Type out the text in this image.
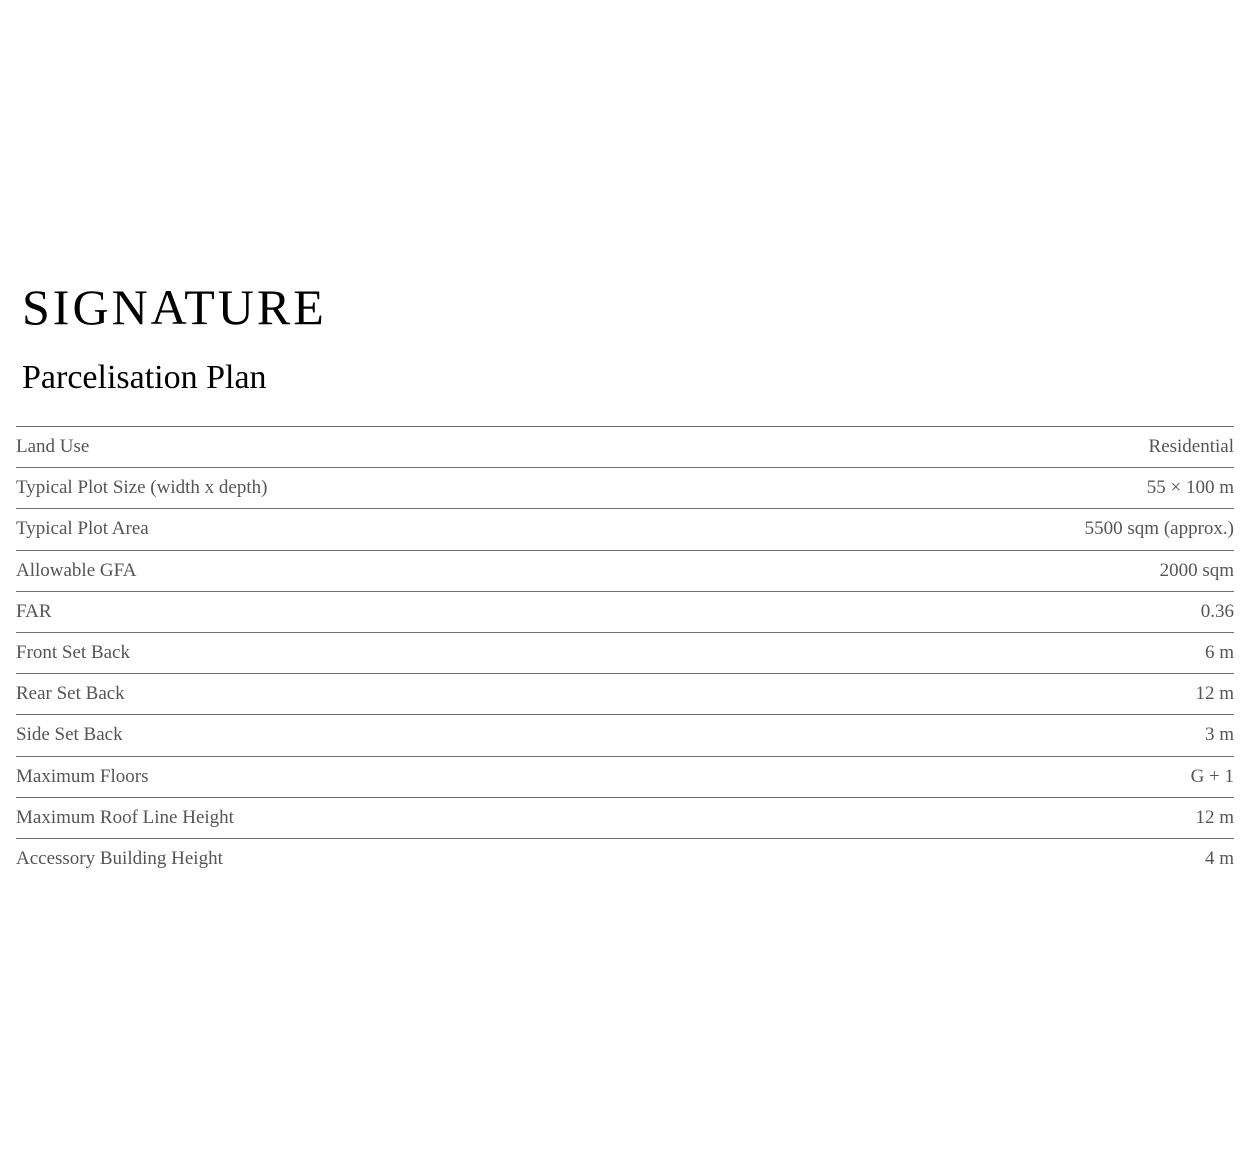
SIGNATURE
Parcelisation Plan
Land Use	Residential
Typical Plot Size (width x depth)	55 × 100 m
Typical Plot Area	5500 sqm (approx.)
Allowable GFA	2000 sqm
FAR	0.36
Front Set Back	6 m
Rear Set Back	12 m
Side Set Back	3 m
Maximum Floors	G + 1
Maximum Roof Line Height	12 m
Accessory Building Height	4 m
